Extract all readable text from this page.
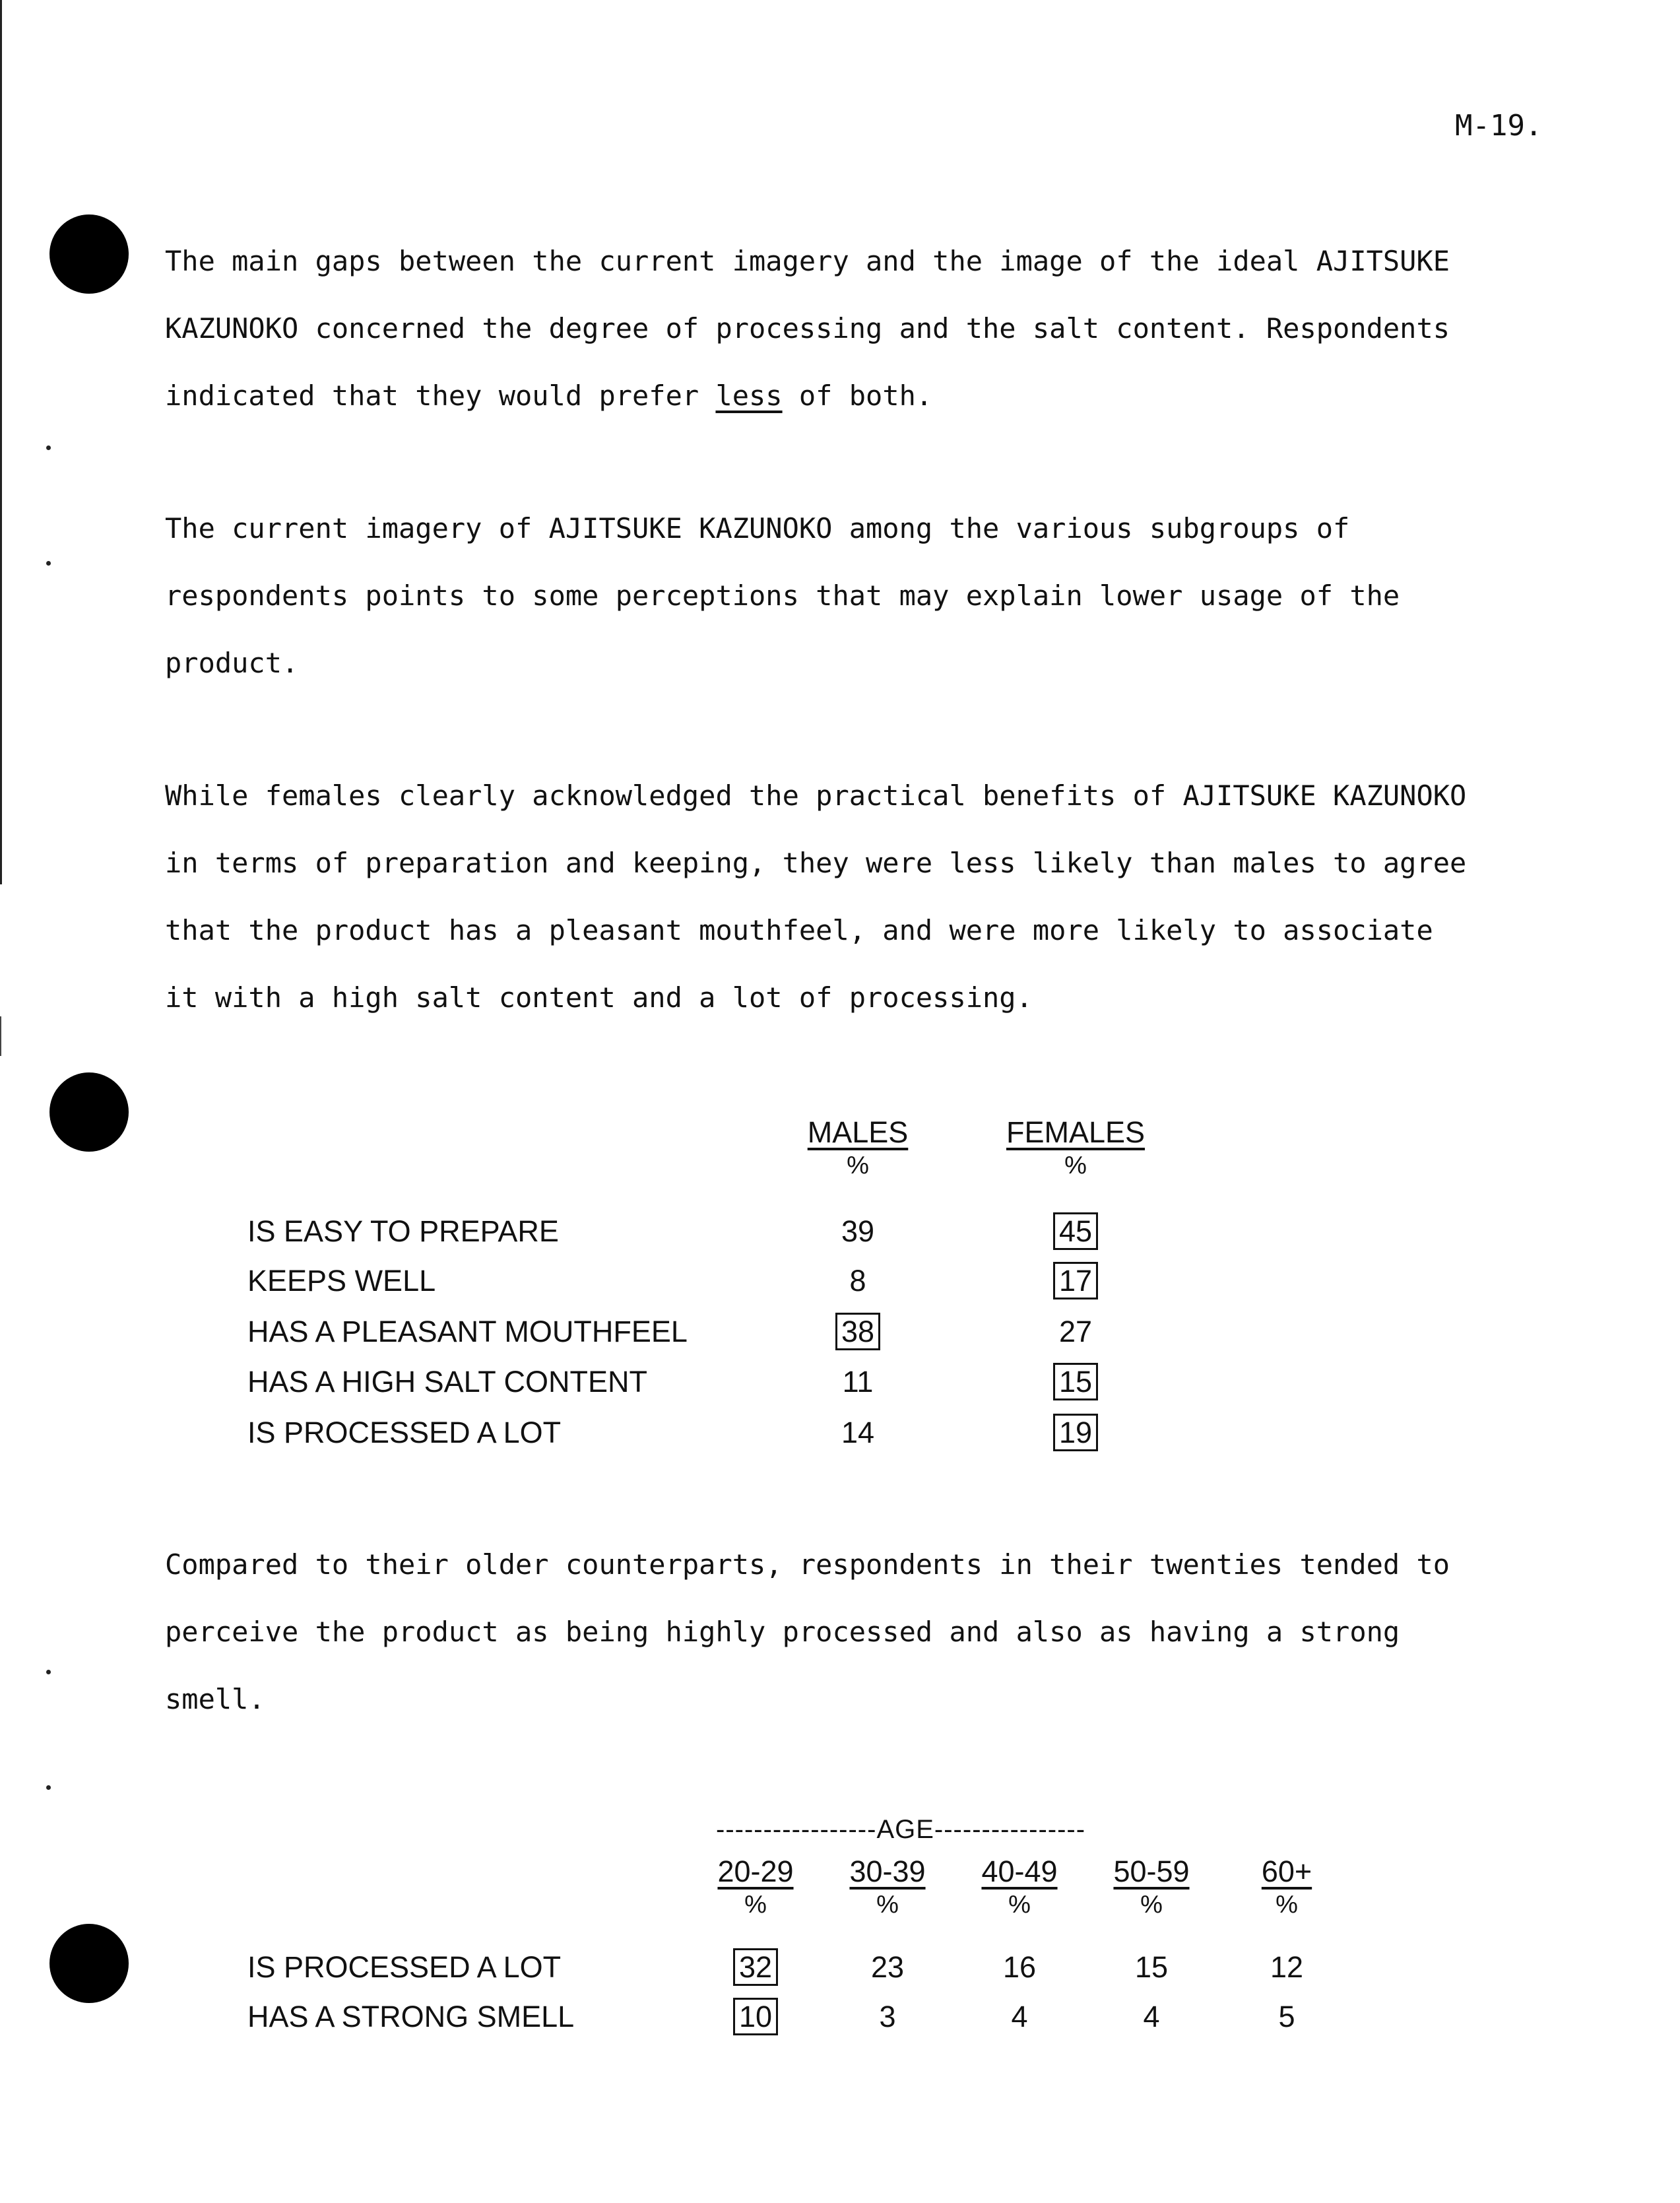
M-19.

The main gaps between the current imagery and the image of the ideal AJITSUKE
KAZUNOKO concerned the degree of processing and the salt content. Respondents
indicated that they would prefer less of both.

The current imagery of AJITSUKE KAZUNOKO among the various subgroups of
respondents points to some perceptions that may explain lower usage of the
product.

While females clearly acknowledged the practical benefits of AJITSUKE KAZUNOKO
in terms of preparation and keeping, they were less likely than males to agree
that the product has a pleasant mouthfeel, and were more likely to associate
it with a high salt content and a lot of processing.

MALES
%
FEMALES
%
IS EASY TO PREPARE	39	45
KEEPS WELL	8	17
HAS A PLEASANT MOUTHFEEL	38	27
HAS A HIGH SALT CONTENT	11	15
IS PROCESSED A LOT	14	19

Compared to their older counterparts, respondents in their twenties tended to
perceive the product as being highly processed and also as having a strong
smell.

-----------------AGE----------------
20-29
%
30-39
%
40-49
%
50-59
%
60+
%
IS PROCESSED A LOT	32	23	16	15	12
HAS A STRONG SMELL	10	3	4	4	5
